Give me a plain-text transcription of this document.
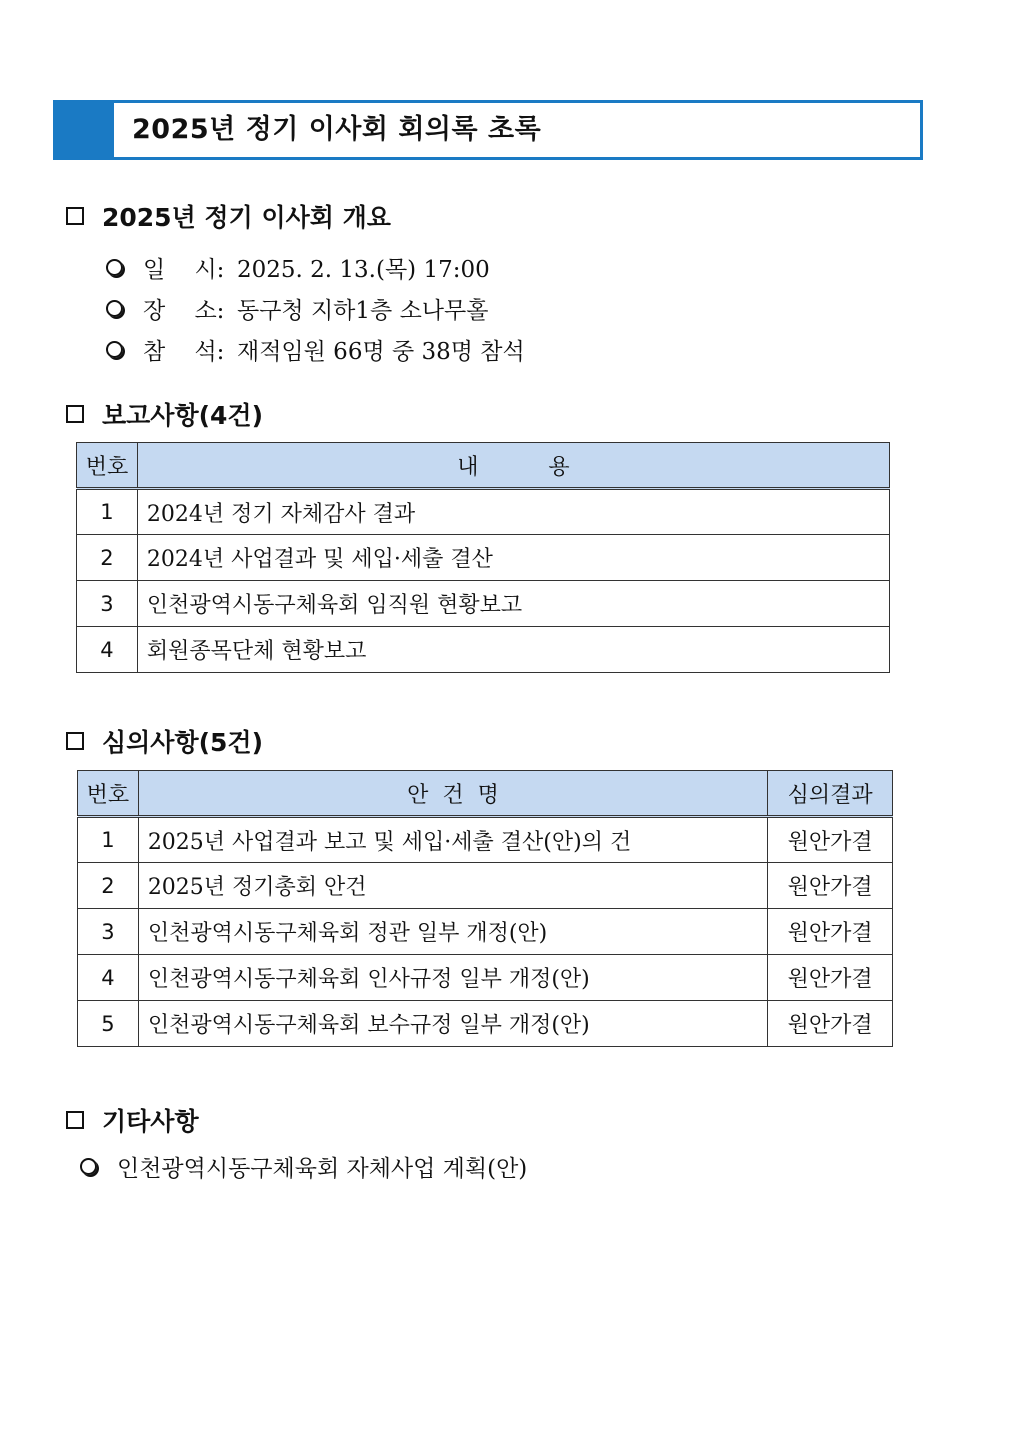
2025년 정기 이사회 회의록 초록
2025년 정기 이사회 개요
일    시: 2025. 2. 13.(목) 17:00
장    소: 동구청 지하1층 소나무홀
참    석: 재적임원 66명 중 38명 참석
보고사항(4건)
번호	내          용
1	2024년 정기 자체감사 결과
2	2024년 사업결과 및 세입·세출 결산
3	인천광역시동구체육회 임직원 현황보고
4	회원종목단체 현황보고
심의사항(5건)
번호	안  건  명	심의결과
1	2025년 사업결과 보고 및 세입·세출 결산(안)의 건	원안가결
2	2025년 정기총회 안건	원안가결
3	인천광역시동구체육회 정관 일부 개정(안)	원안가결
4	인천광역시동구체육회 인사규정 일부 개정(안)	원안가결
5	인천광역시동구체육회 보수규정 일부 개정(안)	원안가결
기타사항
인천광역시동구체육회 자체사업 계획(안)
